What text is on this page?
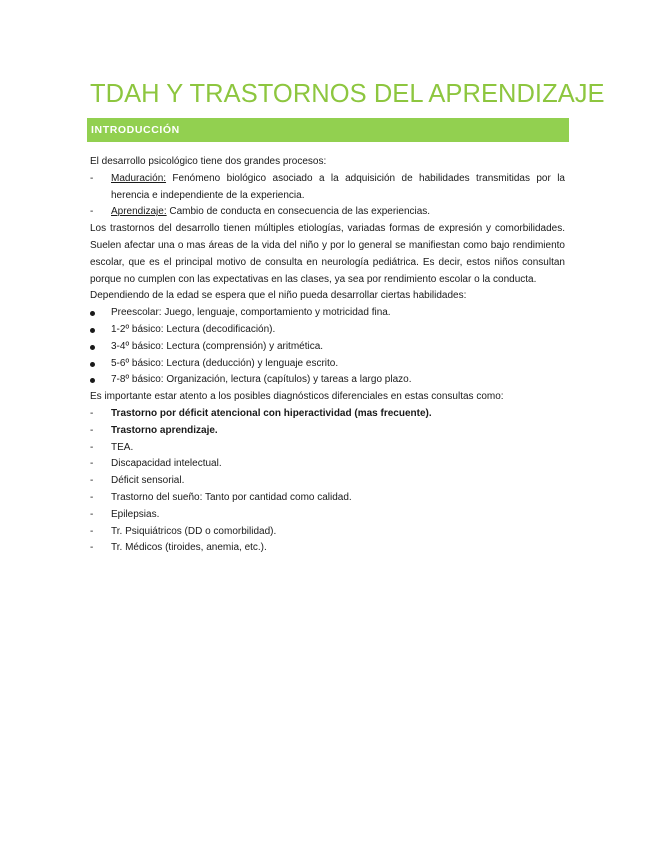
TDAH Y TRASTORNOS DEL APRENDIZAJE
INTRODUCCIÓN

El desarrollo psicológico tiene dos grandes procesos:

- Maduración: Fenómeno biológico asociado a la adquisición de habilidades transmitidas por la herencia e independiente de la experiencia.
- Aprendizaje: Cambio de conducta en consecuencia de las experiencias.

Los trastornos del desarrollo tienen múltiples etiologías, variadas formas de expresión y comorbilidades. Suelen afectar una o mas áreas de la vida del niño y por lo general se manifiestan como bajo rendimiento escolar, que es el principal motivo de consulta en neurología pediátrica. Es decir, estos niños consultan porque no cumplen con las expectativas en las clases, ya sea por rendimiento escolar o la conducta.

Dependiendo de la edad se espera que el niño pueda desarrollar ciertas habilidades:

Preescolar: Juego, lenguaje, comportamiento y motricidad fina.
1-2º básico: Lectura (decodificación).
3-4º básico: Lectura (comprensión) y aritmética.
5-6º básico: Lectura (deducción) y lenguaje escrito.
7-8º básico: Organización, lectura (capítulos) y tareas a largo plazo.

Es importante estar atento a los posibles diagnósticos diferenciales en estas consultas como:

- Trastorno por déficit atencional con hiperactividad (mas frecuente).
- Trastorno aprendizaje.
- TEA.
- Discapacidad intelectual.
- Déficit sensorial.
- Trastorno del sueño: Tanto por cantidad como calidad.
- Epilepsias.
- Tr. Psiquiátricos (DD o comorbilidad).
- Tr. Médicos (tiroides, anemia, etc.).
